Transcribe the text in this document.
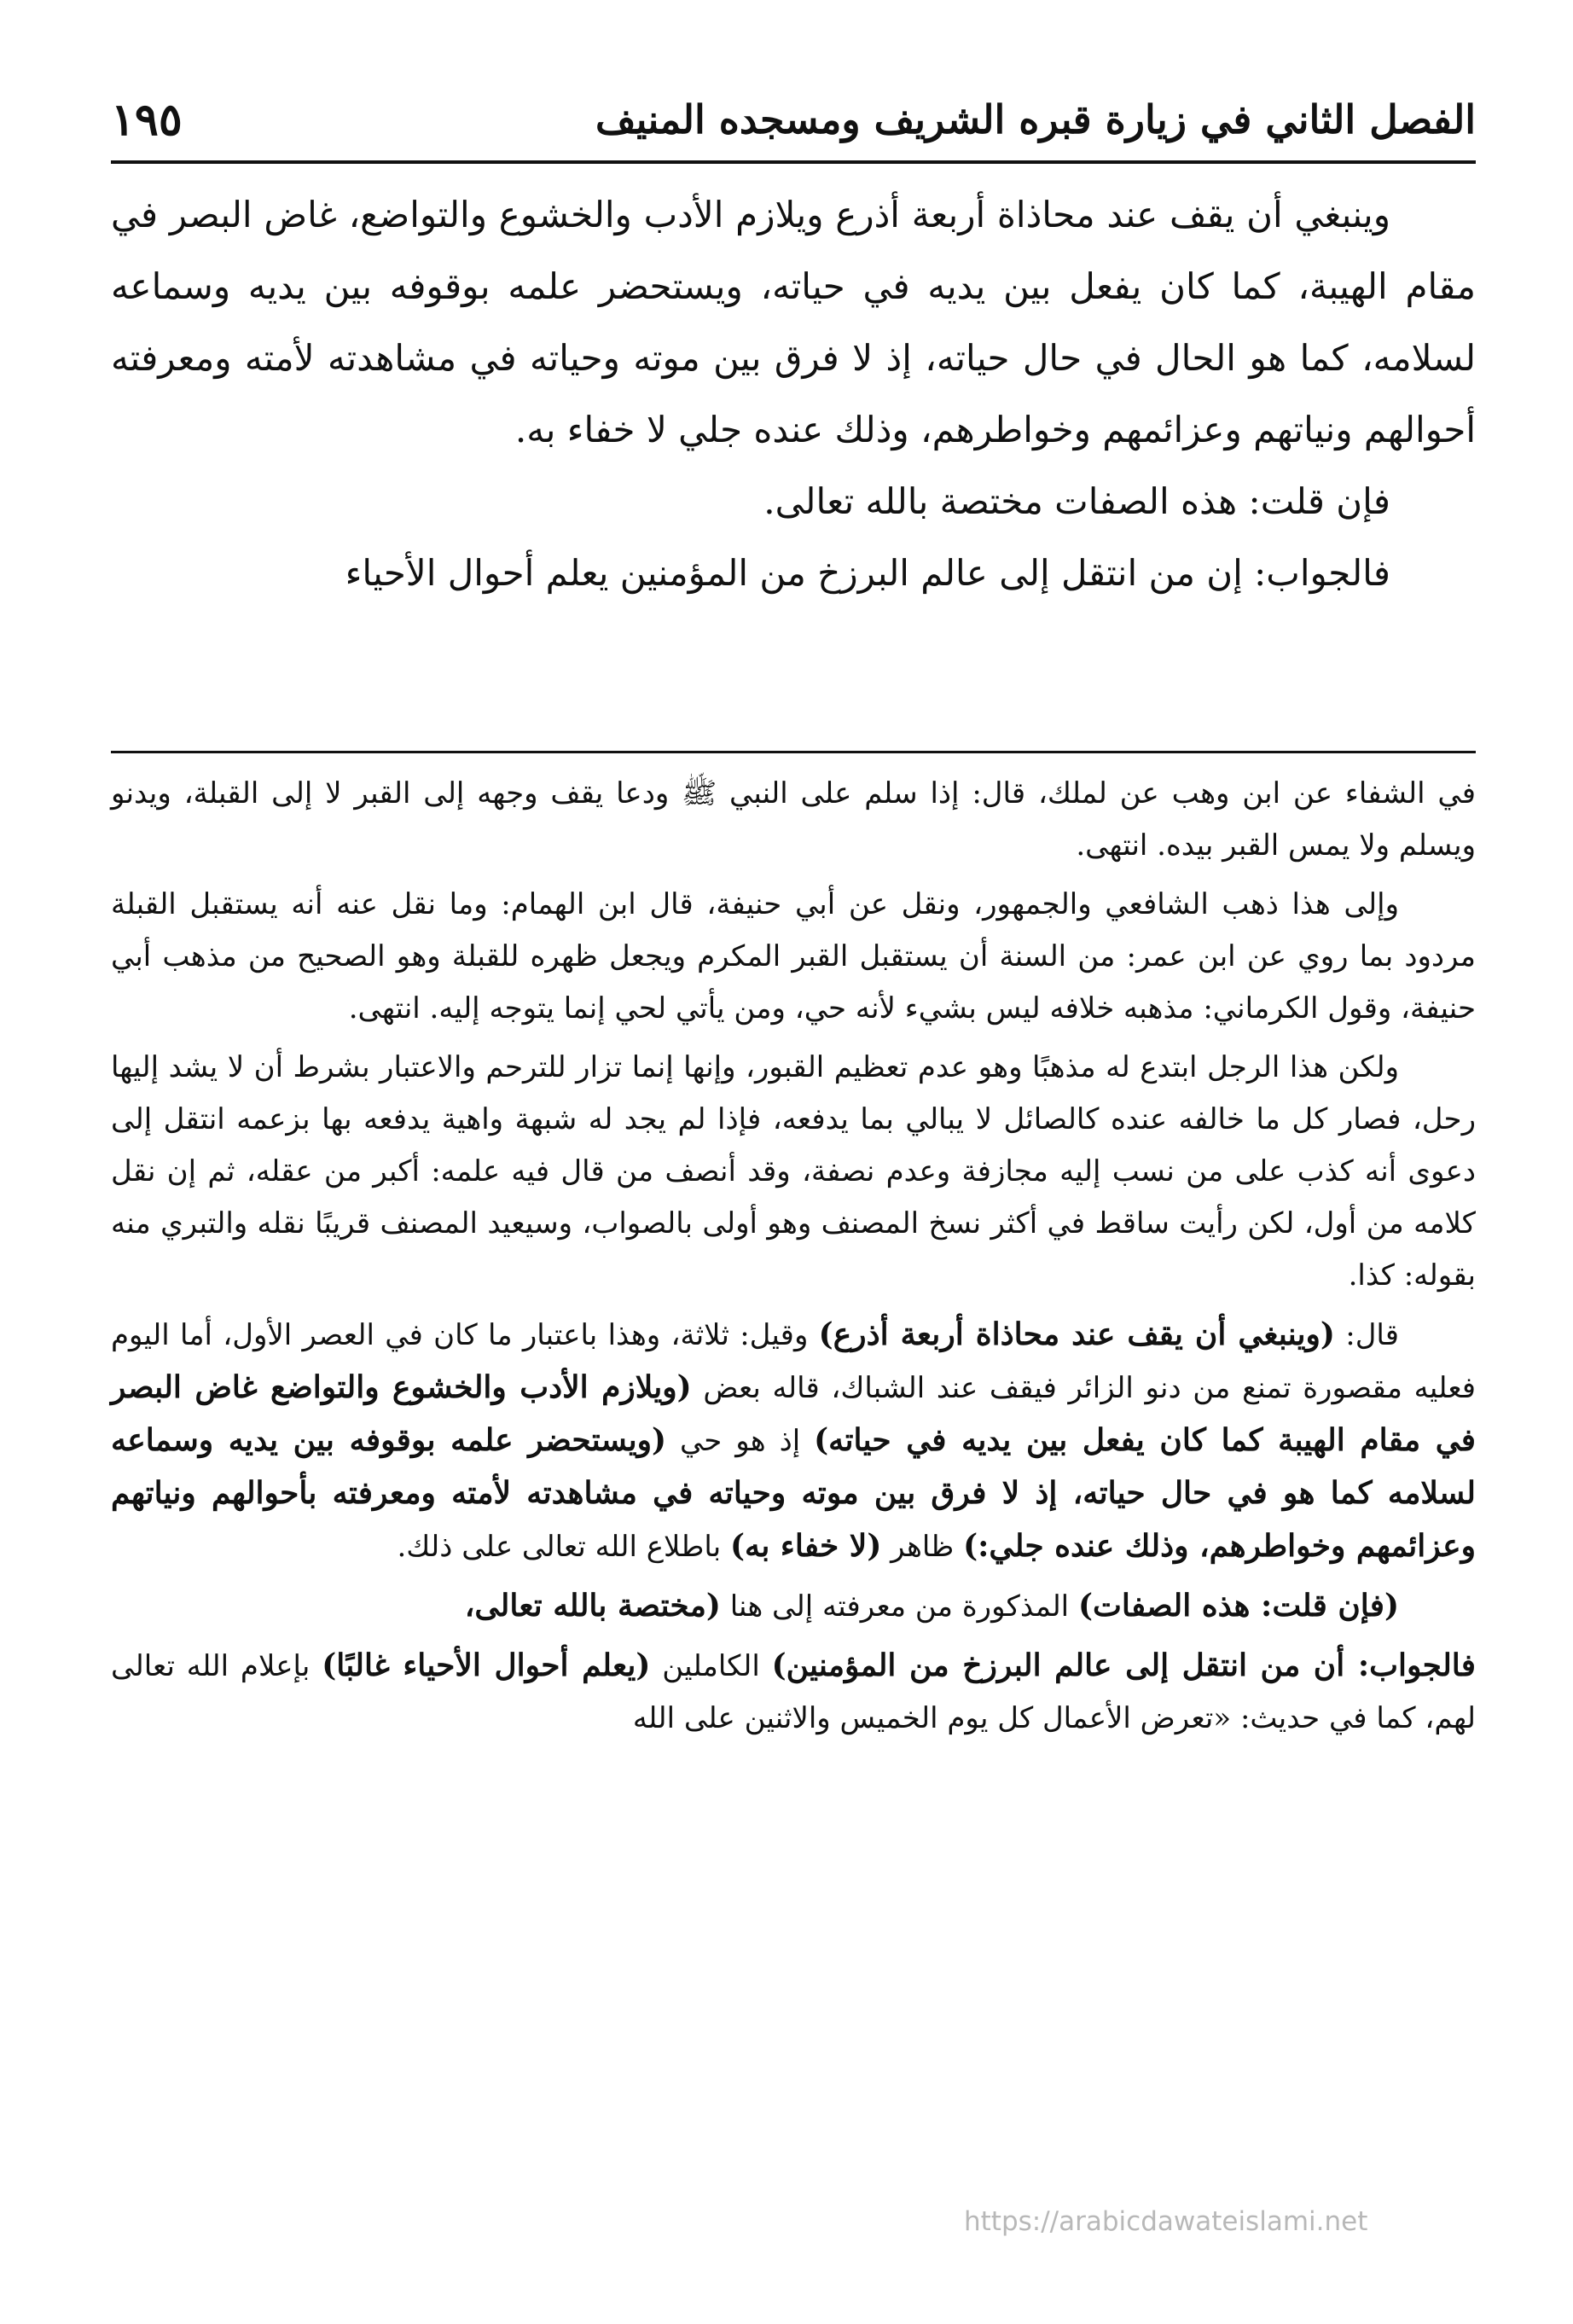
الفصل الثاني في زيارة قبره الشريف ومسجده المنيف
١٩٥

وينبغي أن يقف عند محاذاة أربعة أذرع ويلازم الأدب والخشوع والتواضع، غاض البصر في مقام الهيبة، كما كان يفعل بين يديه في حياته، ويستحضر علمه بوقوفه بين يديه وسماعه لسلامه، كما هو الحال في حال حياته، إذ لا فرق بين موته وحياته في مشاهدته لأمته ومعرفته أحوالهم ونياتهم وعزائمهم وخواطرهم، وذلك عنده جلي لا خفاء به.

فإن قلت: هذه الصفات مختصة بالله تعالى.

فالجواب: إن من انتقل إلى عالم البرزخ من المؤمنين يعلم أحوال الأحياء

في الشفاء عن ابن وهب عن لملك، قال: إذا سلم على النبي ﷺ ودعا يقف وجهه إلى القبر لا إلى القبلة، ويدنو ويسلم ولا يمس القبر بيده. انتهى.

وإلى هذا ذهب الشافعي والجمهور، ونقل عن أبي حنيفة، قال ابن الهمام: وما نقل عنه أنه يستقبل القبلة مردود بما روي عن ابن عمر: من السنة أن يستقبل القبر المكرم ويجعل ظهره للقبلة وهو الصحيح من مذهب أبي حنيفة، وقول الكرماني: مذهبه خلافه ليس بشيء لأنه حي، ومن يأتي لحي إنما يتوجه إليه. انتهى.

ولكن هذا الرجل ابتدع له مذهبًا وهو عدم تعظيم القبور، وإنها إنما تزار للترحم والاعتبار بشرط أن لا يشد إليها رحل، فصار كل ما خالفه عنده كالصائل لا يبالي بما يدفعه، فإذا لم يجد له شبهة واهية يدفعه بها بزعمه انتقل إلى دعوى أنه كذب على من نسب إليه مجازفة وعدم نصفة، وقد أنصف من قال فيه علمه: أكبر من عقله، ثم إن نقل كلامه من أول، لكن رأيت ساقط في أكثر نسخ المصنف وهو أولى بالصواب، وسيعيد المصنف قريبًا نقله والتبري منه بقوله: كذا.

قال: (وينبغي أن يقف عند محاذاة أربعة أذرع) وقيل: ثلاثة، وهذا باعتبار ما كان في العصر الأول، أما اليوم فعليه مقصورة تمنع من دنو الزائر فيقف عند الشباك، قاله بعض (ويلازم الأدب والخشوع والتواضع غاض البصر في مقام الهيبة كما كان يفعل بين يديه في حياته) إذ هو حي (ويستحضر علمه بوقوفه بين يديه وسماعه لسلامه كما هو في حال حياته، إذ لا فرق بين موته وحياته في مشاهدته لأمته ومعرفته بأحوالهم ونياتهم وعزائمهم وخواطرهم، وذلك عنده جلي:) ظاهر (لا خفاء به) باطلاع الله تعالى على ذلك.

(فإن قلت: هذه الصفات) المذكورة من معرفته إلى هنا (مختصة بالله تعالى،

فالجواب: أن من انتقل إلى عالم البرزخ من المؤمنين) الكاملين (يعلم أحوال الأحياء غالبًا) بإعلام الله تعالى لهم، كما في حديث: «تعرض الأعمال كل يوم الخميس والاثنين على الله

https://arabicdawateislami.net
